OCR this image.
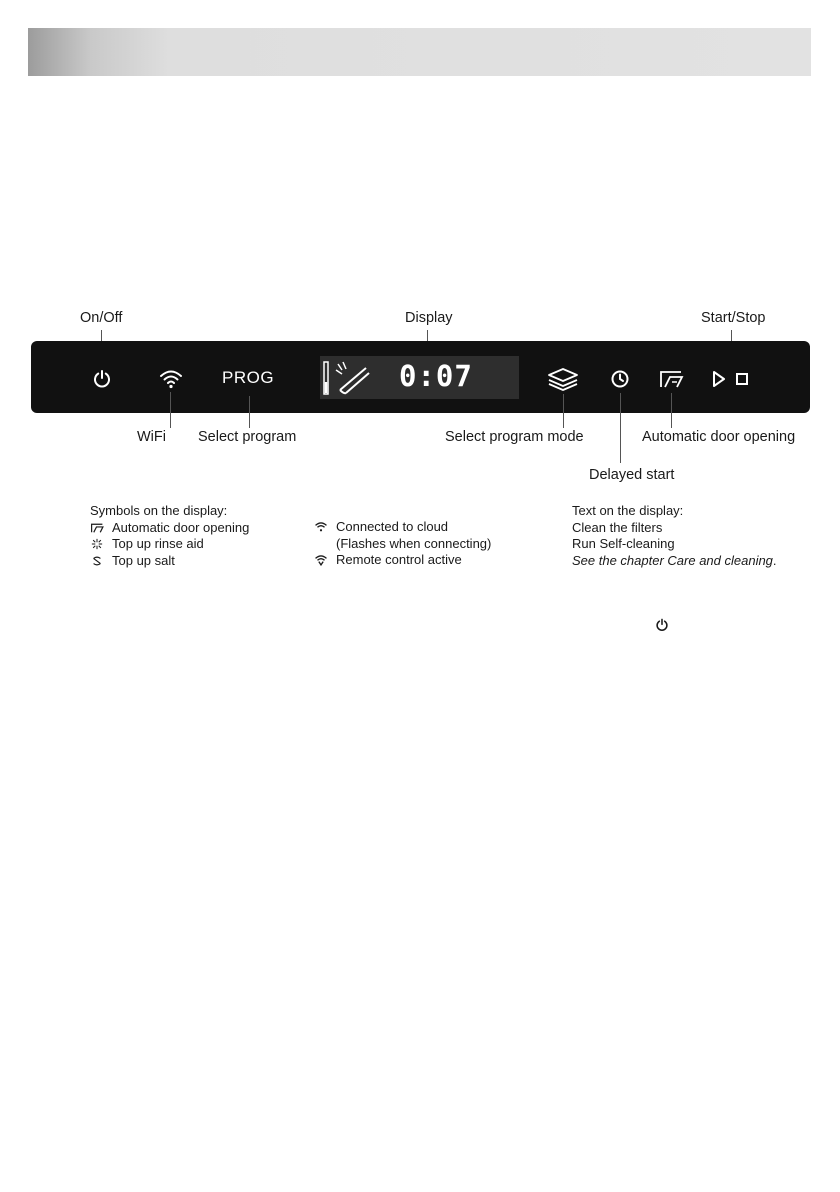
On/Off	Display	Start/Stop
PROG	0:07
WiFi Select program	Select program mode	Automatic door opening
Delayed start
Symbols on the display:
Automatic door opening
Top up rinse aid
Top up salt
Connected to cloud
(Flashes when connecting)
Remote control active
Text on the display:
Clean the filters
Run Self-cleaning
See the chapter Care and cleaning.
